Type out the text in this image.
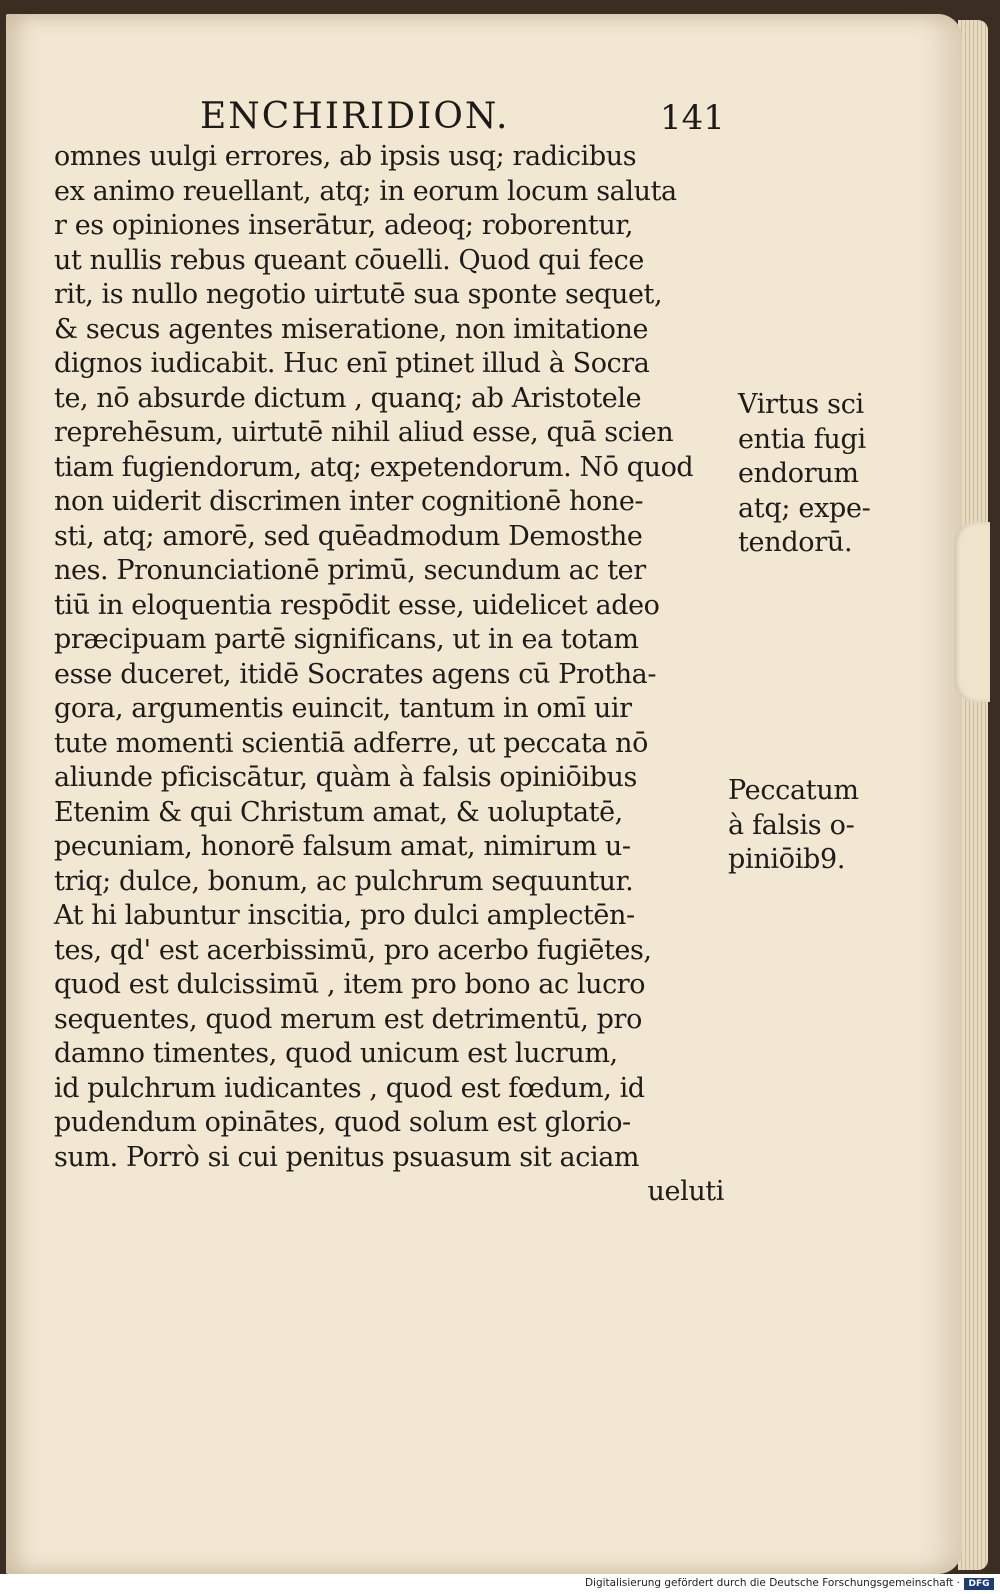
ENCHIRIDION.	141
omnes uulgi errores, ab ipsis usq; radicibus
ex animo reuellant, atq; in eorum locum saluta
r es opiniones inserātur, adeoq; roborentur,
ut nullis rebus queant cōuelli. Quod qui fece
rit, is nullo negotio uirtutē sua sponte sequet,
& secus agentes miseratione, non imitatione
dignos iudicabit. Huc enī ptinet illud à Socra
te, nō absurde dictum , quanq; ab Aristotele
reprehēsum, uirtutē nihil aliud esse, quā scien
tiam fugiendorum, atq; expetendorum. Nō quod
non uiderit discrimen inter cognitionē hone-
sti, atq; amorē, sed quēadmodum Demosthe
nes. Pronunciationē primū, secundum ac ter
tiū in eloquentia respōdit esse, uidelicet adeo
præcipuam partē significans, ut in ea totam
esse duceret, itidē Socrates agens cū Protha-
gora, argumentis euincit, tantum in omī uir
tute momenti scientiā adferre, ut peccata nō
aliunde pficiscātur, quàm à falsis opiniōibus
Etenim & qui Christum amat, & uoluptatē,
pecuniam, honorē falsum amat, nimirum u-
triq; dulce, bonum, ac pulchrum sequuntur.
At hi labuntur inscitia, pro dulci amplectēn-
tes, qd' est acerbissimū, pro acerbo fugiētes,
quod est dulcissimū , item pro bono ac lucro
sequentes, quod merum est detrimentū, pro
damno timentes, quod unicum est lucrum,
id pulchrum iudicantes , quod est fœdum, id
pudendum opinātes, quod solum est glorio-
sum. Porrò si cui penitus psuasum sit aciam
ueluti
Virtus sci
entia fugi
endorum
atq; expe-
tendorū.
Peccatum
à falsis o-
piniōib9.
Digitalisierung gefördert durch die Deutsche Forschungsgemeinschaft · DFG
